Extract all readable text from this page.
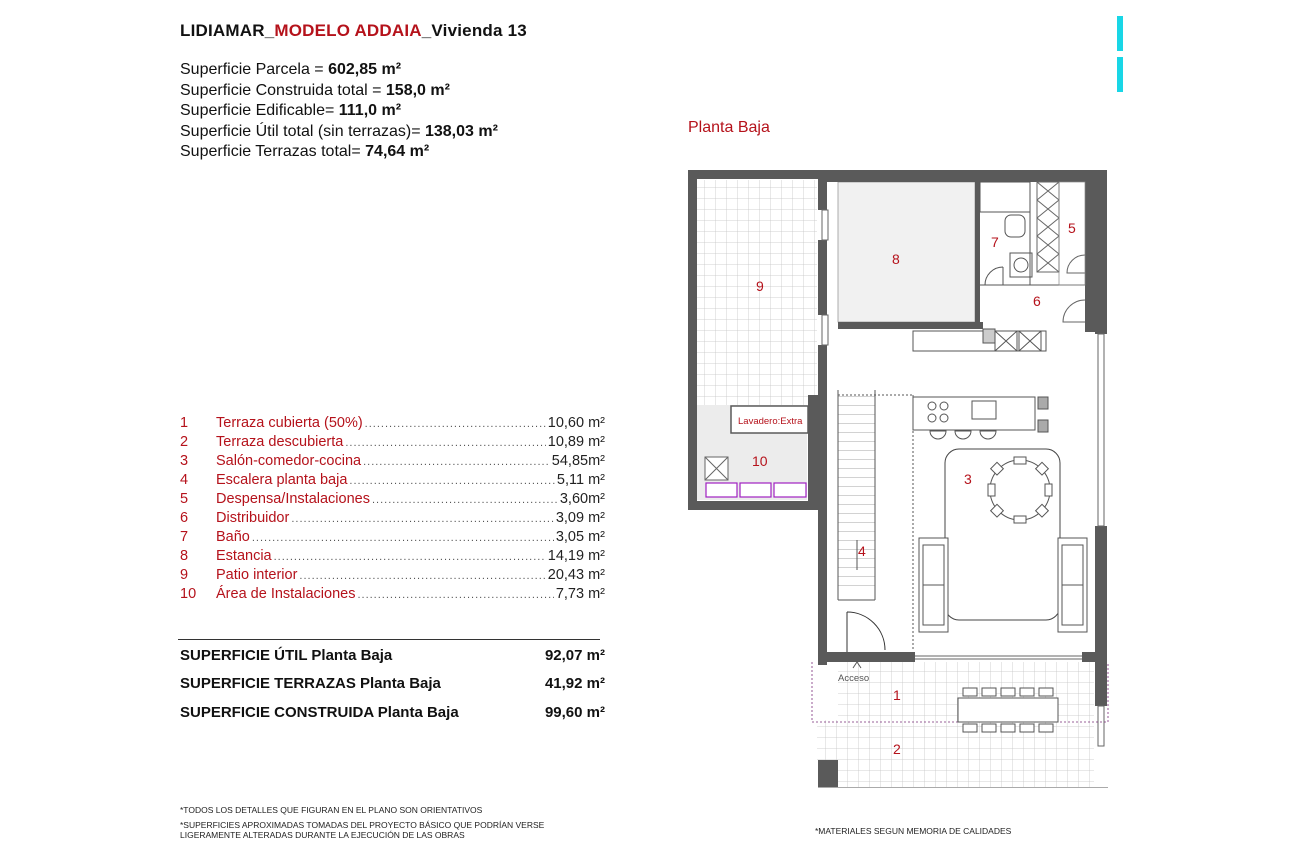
LIDIAMAR_MODELO ADDAIA_Vivienda 13
Superficie Parcela = 602,85 m²
Superficie Construida total = 158,0 m²
Superficie Edificable= 111,0 m²
Superficie Útil total (sin terrazas)= 138,03 m²
Superficie Terrazas total= 74,64 m²
Planta Baja
1	Terraza cubierta (50%) .....	10,60 m²
2	Terraza descubierta .....	10,89 m²
3	Salón-comedor-cocina .....	54,85m²
4	Escalera planta baja .....	5,11 m²
5	Despensa/Instalaciones .....	3,60m²
6	Distribuidor .....	3,09 m²
7	Baño .....	3,05 m²
8	Estancia .....	14,19 m²
9	Patio interior .....	20,43 m²
10	Área de Instalaciones .....	7,73 m²
SUPERFICIE ÚTIL Planta Baja	92,07 m²
SUPERFICIE TERRAZAS Planta Baja	41,92 m²
SUPERFICIE CONSTRUIDA Planta Baja	99,60 m²
*TODOS LOS DETALLES QUE FIGURAN EN EL PLANO SON ORIENTATIVOS
*SUPERFICIES APROXIMADAS TOMADAS DEL PROYECTO BÁSICO QUE PODRÍAN VERSE
LIGERAMENTE ALTERADAS DURANTE LA EJECUCIÓN DE LAS OBRAS	*MATERIALES SEGUN MEMORIA DE CALIDADES
1
2
3
4
5
6
7
8
9
10
Lavadero:Extra
Acceso
